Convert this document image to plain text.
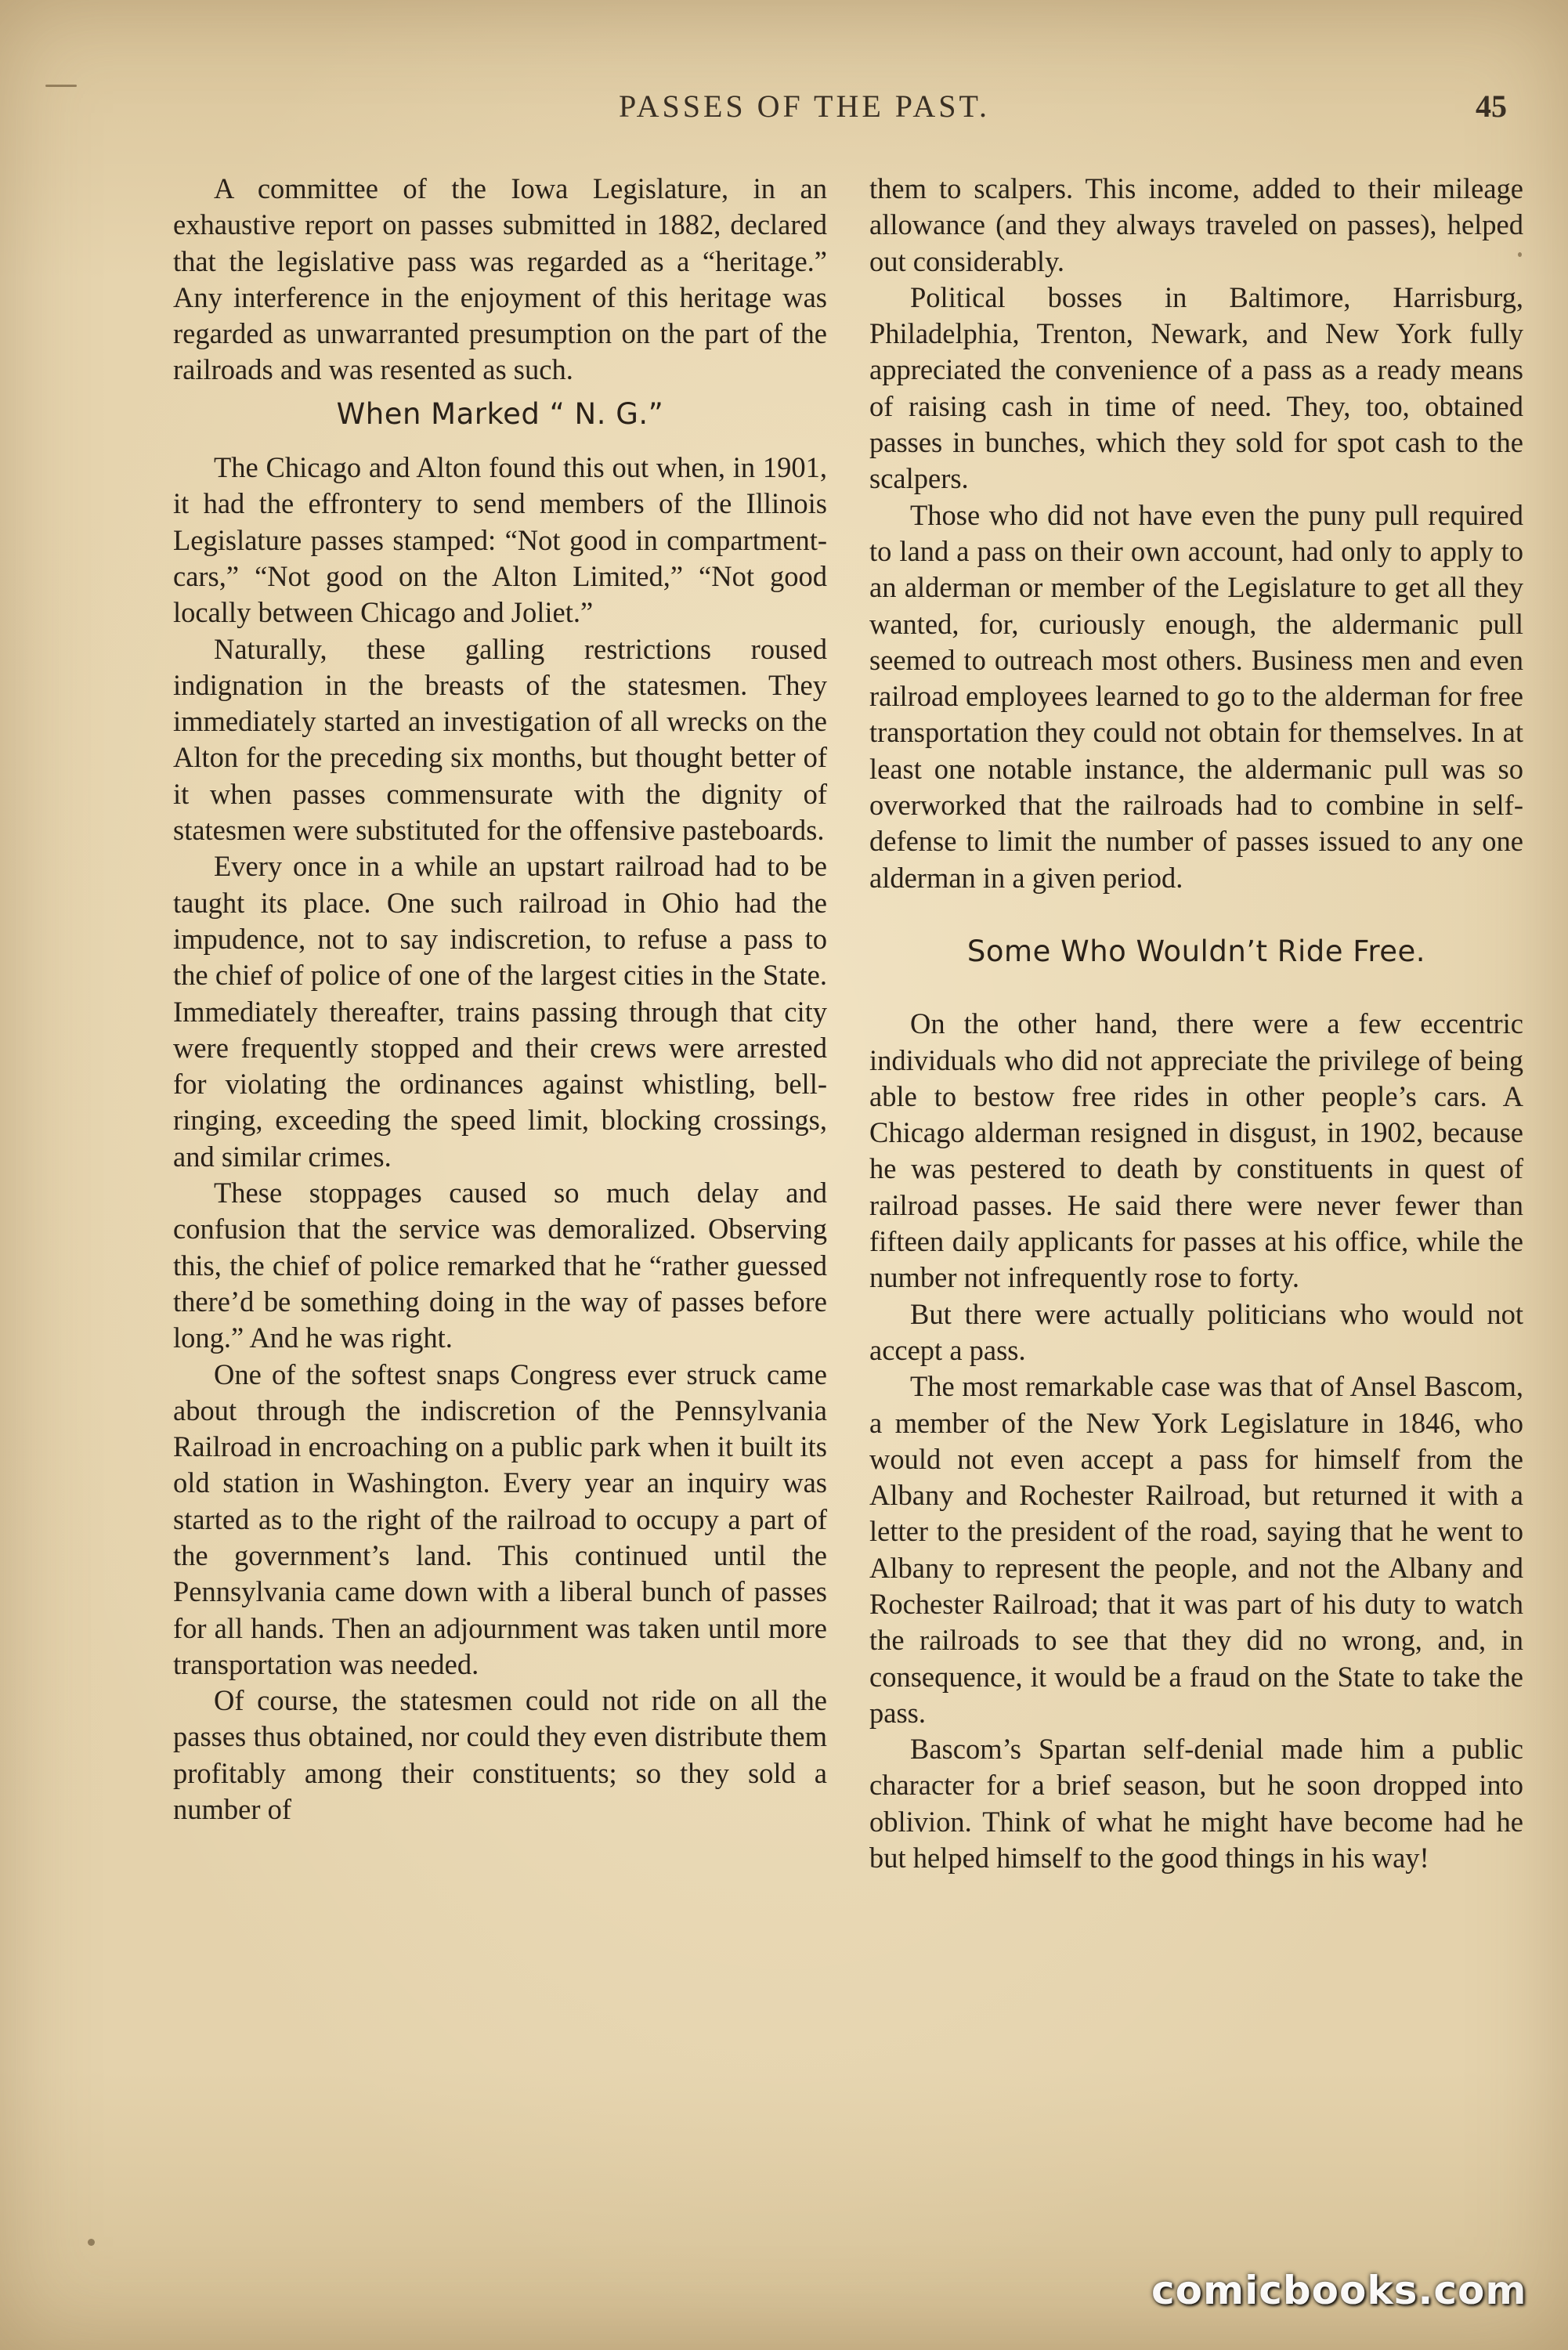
PASSES OF THE PAST.	45

A committee of the Iowa Legislature, in an exhaustive report on passes submitted in 1882, declared that the legislative pass was regarded as a “heritage.” Any interference in the enjoyment of this heritage was regarded as unwarranted presumption on the part of the railroads and was resented as such.

When Marked “ N. G.”

The Chicago and Alton found this out when, in 1901, it had the effrontery to send members of the Illinois Legislature passes stamped: “Not good in compartment-cars,” “Not good on the Alton Limited,” “Not good locally between Chicago and Joliet.”

Naturally, these galling restrictions roused indignation in the breasts of the statesmen. They immediately started an investigation of all wrecks on the Alton for the preceding six months, but thought better of it when passes commensurate with the dignity of statesmen were substituted for the offensive pasteboards.

Every once in a while an upstart railroad had to be taught its place. One such railroad in Ohio had the impudence, not to say indiscretion, to refuse a pass to the chief of police of one of the largest cities in the State. Immediately thereafter, trains passing through that city were frequently stopped and their crews were arrested for violating the ordinances against whistling, bell-ringing, exceeding the speed limit, blocking crossings, and similar crimes.

These stoppages caused so much delay and confusion that the service was demoralized. Observing this, the chief of police remarked that he “rather guessed there’d be something doing in the way of passes before long.” And he was right.

One of the softest snaps Congress ever struck came about through the indiscretion of the Pennsylvania Railroad in encroaching on a public park when it built its old station in Washington. Every year an inquiry was started as to the right of the railroad to occupy a part of the government’s land. This continued until the Pennsylvania came down with a liberal bunch of passes for all hands. Then an adjournment was taken until more transportation was needed.

Of course, the statesmen could not ride on all the passes thus obtained, nor could they even distribute them profitably among their constituents; so they sold a number of

them to scalpers. This income, added to their mileage allowance (and they always traveled on passes), helped out considerably.

Political bosses in Baltimore, Harrisburg, Philadelphia, Trenton, Newark, and New York fully appreciated the convenience of a pass as a ready means of raising cash in time of need. They, too, obtained passes in bunches, which they sold for spot cash to the scalpers.

Those who did not have even the puny pull required to land a pass on their own account, had only to apply to an alderman or member of the Legislature to get all they wanted, for, curiously enough, the aldermanic pull seemed to outreach most others. Business men and even railroad employees learned to go to the alderman for free transportation they could not obtain for themselves. In at least one notable instance, the aldermanic pull was so overworked that the railroads had to combine in self-defense to limit the number of passes issued to any one alderman in a given period.

Some Who Wouldn’t Ride Free.

On the other hand, there were a few eccentric individuals who did not appreciate the privilege of being able to bestow free rides in other people’s cars. A Chicago alderman resigned in disgust, in 1902, because he was pestered to death by constituents in quest of railroad passes. He said there were never fewer than fifteen daily applicants for passes at his office, while the number not infrequently rose to forty.

But there were actually politicians who would not accept a pass.

The most remarkable case was that of Ansel Bascom, a member of the New York Legislature in 1846, who would not even accept a pass for himself from the Albany and Rochester Railroad, but returned it with a letter to the president of the road, saying that he went to Albany to represent the people, and not the Albany and Rochester Railroad; that it was part of his duty to watch the railroads to see that they did no wrong, and, in consequence, it would be a fraud on the State to take the pass.

Bascom’s Spartan self-denial made him a public character for a brief season, but he soon dropped into oblivion. Think of what he might have become had he but helped himself to the good things in his way!

comicbooks.com
